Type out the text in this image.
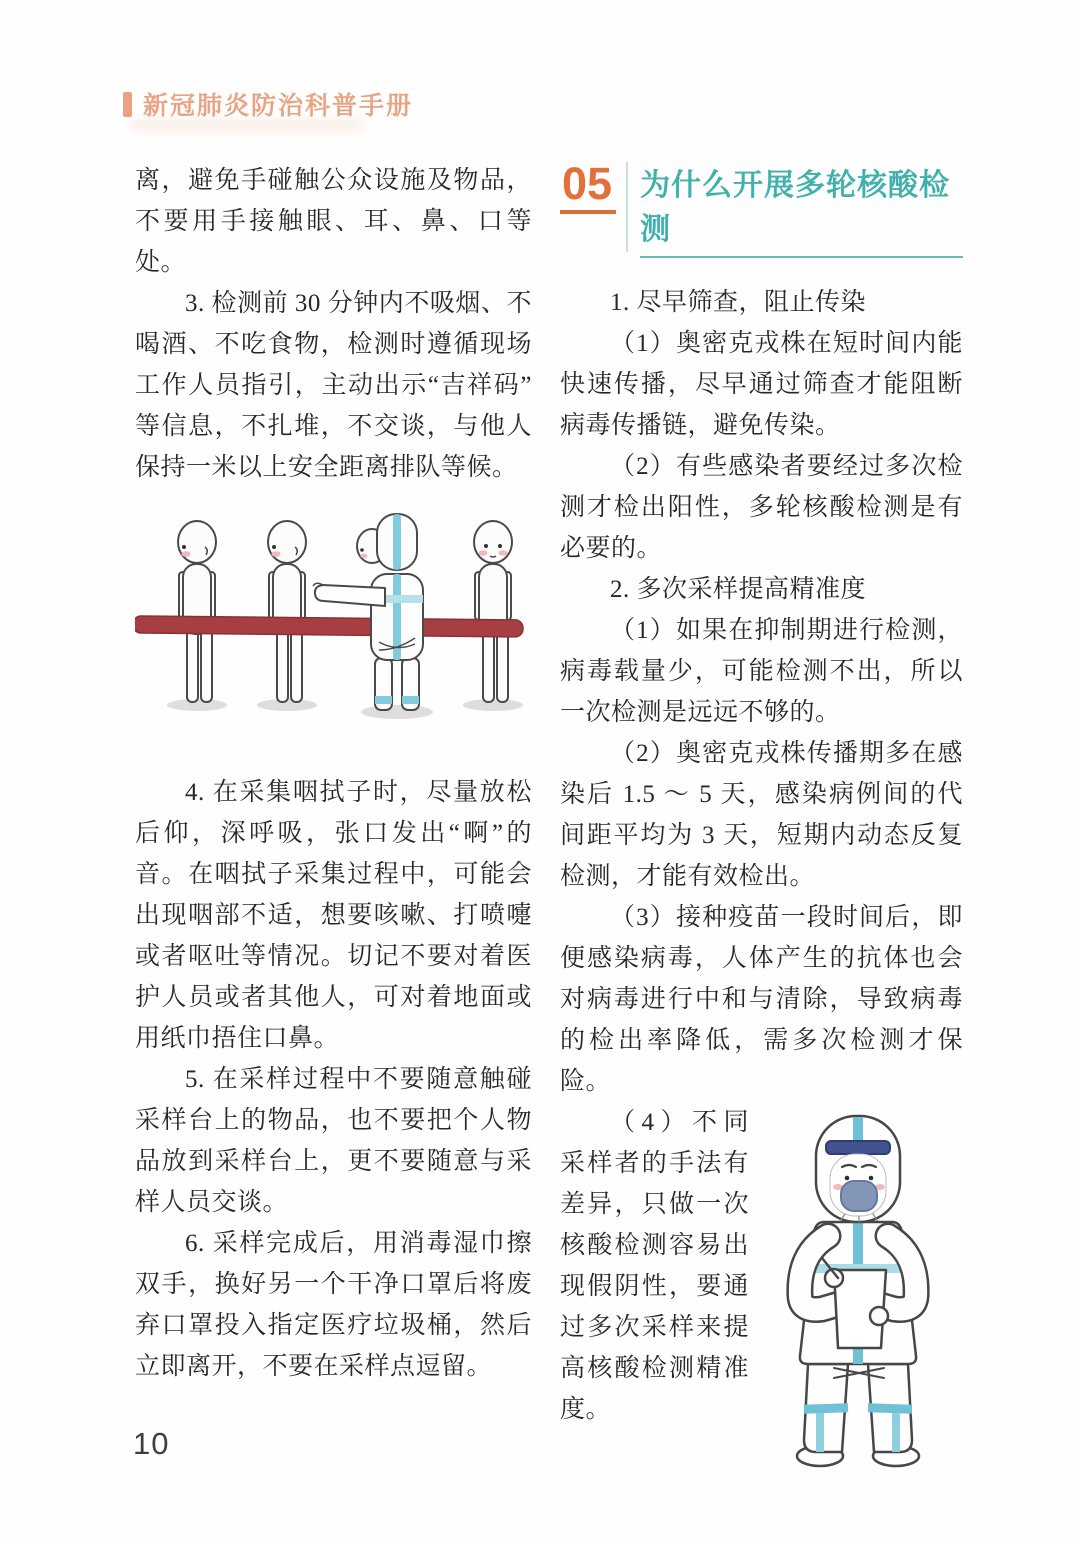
新冠肺炎防治科普手册

离，避免手碰触公众设施及物品，不要用手接触眼、耳、鼻、口等处。

3. 检测前 30 分钟内不吸烟、不喝酒、不吃食物，检测时遵循现场工作人员指引，主动出示“吉祥码”等信息，不扎堆，不交谈，与他人保持一米以上安全距离排队等候。

4. 在采集咽拭子时，尽量放松后仰，深呼吸，张口发出“啊”的音。在咽拭子采集过程中，可能会出现咽部不适，想要咳嗽、打喷嚏或者呕吐等情况。切记不要对着医护人员或者其他人，可对着地面或用纸巾捂住口鼻。

5. 在采样过程中不要随意触碰采样台上的物品，也不要把个人物品放到采样台上，更不要随意与采样人员交谈。

6. 采样完成后，用消毒湿巾擦双手，换好另一个干净口罩后将废弃口罩投入指定医疗垃圾桶，然后立即离开，不要在采样点逗留。

05 为什么开展多轮核酸检测

1. 尽早筛查，阻止传染

（1）奥密克戎株在短时间内能快速传播，尽早通过筛查才能阻断病毒传播链，避免传染。

（2）有些感染者要经过多次检测才检出阳性，多轮核酸检测是有必要的。

2. 多次采样提高精准度

（1）如果在抑制期进行检测，病毒载量少，可能检测不出，所以一次检测是远远不够的。

（2）奥密克戎株传播期多在感染后 1.5 ～ 5 天，感染病例间的代间距平均为 3 天，短期内动态反复检测，才能有效检出。

（3）接种疫苗一段时间后，即便感染病毒，人体产生的抗体也会对病毒进行中和与清除，导致病毒的检出率降低，需多次检测才保险。

（4）不同采样者的手法有差异，只做一次核酸检测容易出现假阴性，要通过多次采样来提高核酸检测精准度。

10
